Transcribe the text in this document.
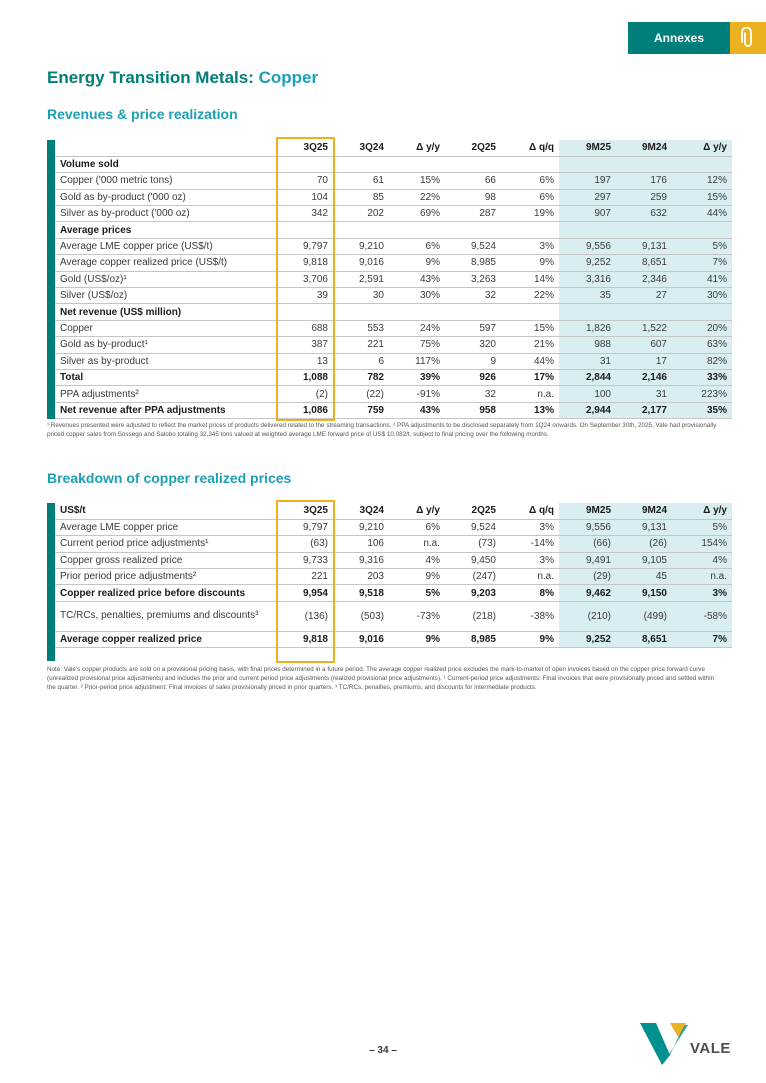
Annexes
Energy Transition Metals: Copper
Revenues & price realization
	3Q25	3Q24	Δ y/y	2Q25	Δ q/q	9M25	9M24	Δ y/y
Volume sold								
Copper ('000 metric tons)	70	61	15%	66	6%	197	176	12%
Gold as by-product ('000 oz)	104	85	22%	98	6%	297	259	15%
Silver as by-product ('000 oz)	342	202	69%	287	19%	907	632	44%
Average prices								
Average LME copper price (US$/t)	9,797	9,210	6%	9,524	3%	9,556	9,131	5%
Average copper realized price (US$/t)	9,818	9,016	9%	8,985	9%	9,252	8,651	7%
Gold (US$/oz)¹	3,706	2,591	43%	3,263	14%	3,316	2,346	41%
Silver (US$/oz)	39	30	30%	32	22%	35	27	30%
Net revenue (US$ million)								
Copper	688	553	24%	597	15%	1,826	1,522	20%
Gold as by-product¹	387	221	75%	320	21%	988	607	63%
Silver as by-product	13	6	117%	9	44%	31	17	82%
Total	1,088	782	39%	926	17%	2,844	2,146	33%
PPA adjustments²	(2)	(22)	-91%	32	n.a.	100	31	223%
Net revenue after PPA adjustments	1,086	759	43%	958	13%	2,944	2,177	35%
¹ Revenues presented were adjusted to reflect the market prices of products delivered related to the streaming transactions. ² PPA adjustments to be disclosed separately from 1Q24 onwards. On September 30th, 2025, Vale had provisionally priced copper sales from Sossego and Salobo totaling 32,345 tons valued at weighted average LME forward price of US$ 10,082/t, subject to final pricing over the following months.
Breakdown of copper realized prices
US$/t	3Q25	3Q24	Δ y/y	2Q25	Δ q/q	9M25	9M24	Δ y/y
Average LME copper price	9,797	9,210	6%	9,524	3%	9,556	9,131	5%
Current period price adjustments¹	(63)	106	n.a.	(73)	-14%	(66)	(26)	154%
Copper gross realized price	9,733	9,316	4%	9,450	3%	9,491	9,105	4%
Prior period price adjustments²	221	203	9%	(247)	n.a.	(29)	45	n.a.
Copper realized price before discounts	9,954	9,518	5%	9,203	8%	9,462	9,150	3%
TC/RCs, penalties, premiums and discounts³	(136)	(503)	-73%	(218)	-38%	(210)	(499)	-58%
Average copper realized price	9,818	9,016	9%	8,985	9%	9,252	8,651	7%
Note: Vale's copper products are sold on a provisional pricing basis, with final prices determined in a future period. The average copper realized price excludes the mark-to-market of open invoices based on the copper price forward curve (unrealized provisional price adjustments) and includes the prior and current period price adjustments (realized provisional price adjustments). ¹ Current-period price adjustments: Final invoices that were provisionally priced and settled within the quarter. ² Prior-period price adjustment: Final invoices of sales provisionally priced in prior quarters. ³ TC/RCs, penalties, premiums, and discounts for intermediate products.
– 34 –	VALE
